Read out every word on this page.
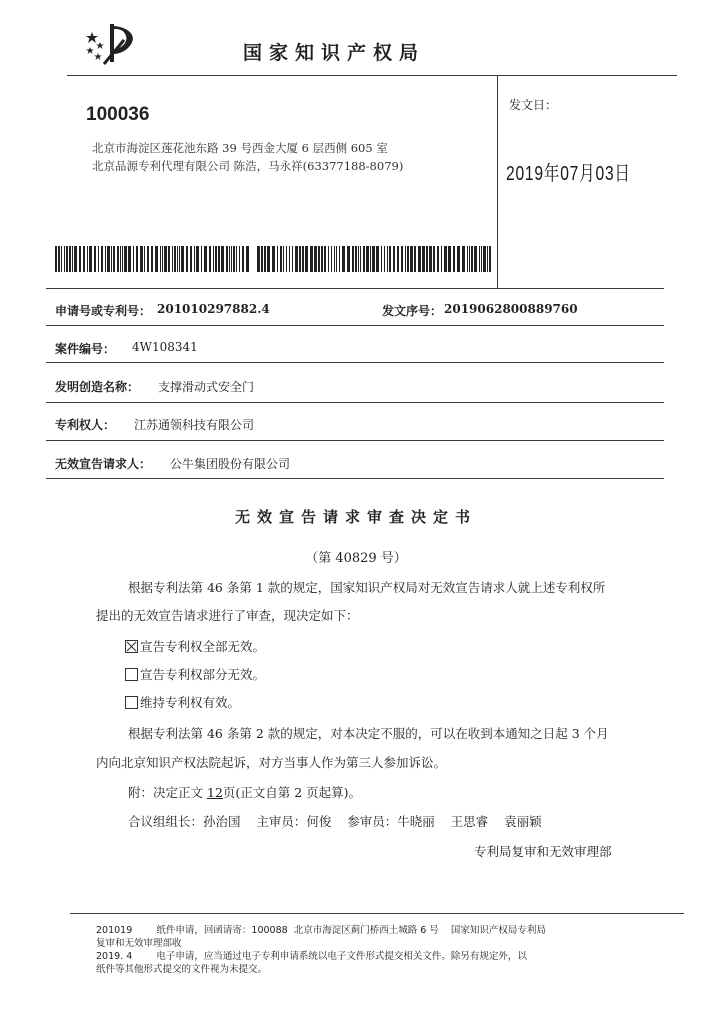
国家知识产权局
100036
北京市海淀区莲花池东路 39 号西金大厦 6 层西侧 605 室
北京品源专利代理有限公司 陈浩，马永祥(63377188-8079)
发文日：
2019年07月03日
申请号或专利号： 201010297882.4	发文序号： 2019062800889760
案件编号： 4W108341
发明创造名称： 支撑滑动式安全门
专利权人： 江苏通领科技有限公司
无效宣告请求人： 公牛集团股份有限公司
无效宣告请求审查决定书
（第 40829 号）
根据专利法第 46 条第 1 款的规定，国家知识产权局对无效宣告请求人就上述专利权所
提出的无效宣告请求进行了审查，现决定如下：
宣告专利权全部无效。
宣告专利权部分无效。
维持专利权有效。
根据专利法第 46 条第 2 款的规定，对本决定不服的，可以在收到本通知之日起 3 个月
内向北京知识产权法院起诉，对方当事人作为第三人参加诉讼。
附：决定正文 12页(正文自第 2 页起算)。
合议组组长：孙治国    主审员：何俊    参审员：牛晓丽    王思睿    袁丽颖
专利局复审和无效审理部
201019        纸件申请，回函请寄：100088  北京市海淀区蓟门桥西土城路 6 号    国家知识产权局专利局
复审和无效审理部收
2019. 4        电子申请，应当通过电子专利申请系统以电子文件形式提交相关文件。除另有规定外，以
纸件等其他形式提交的文件视为未提交。
